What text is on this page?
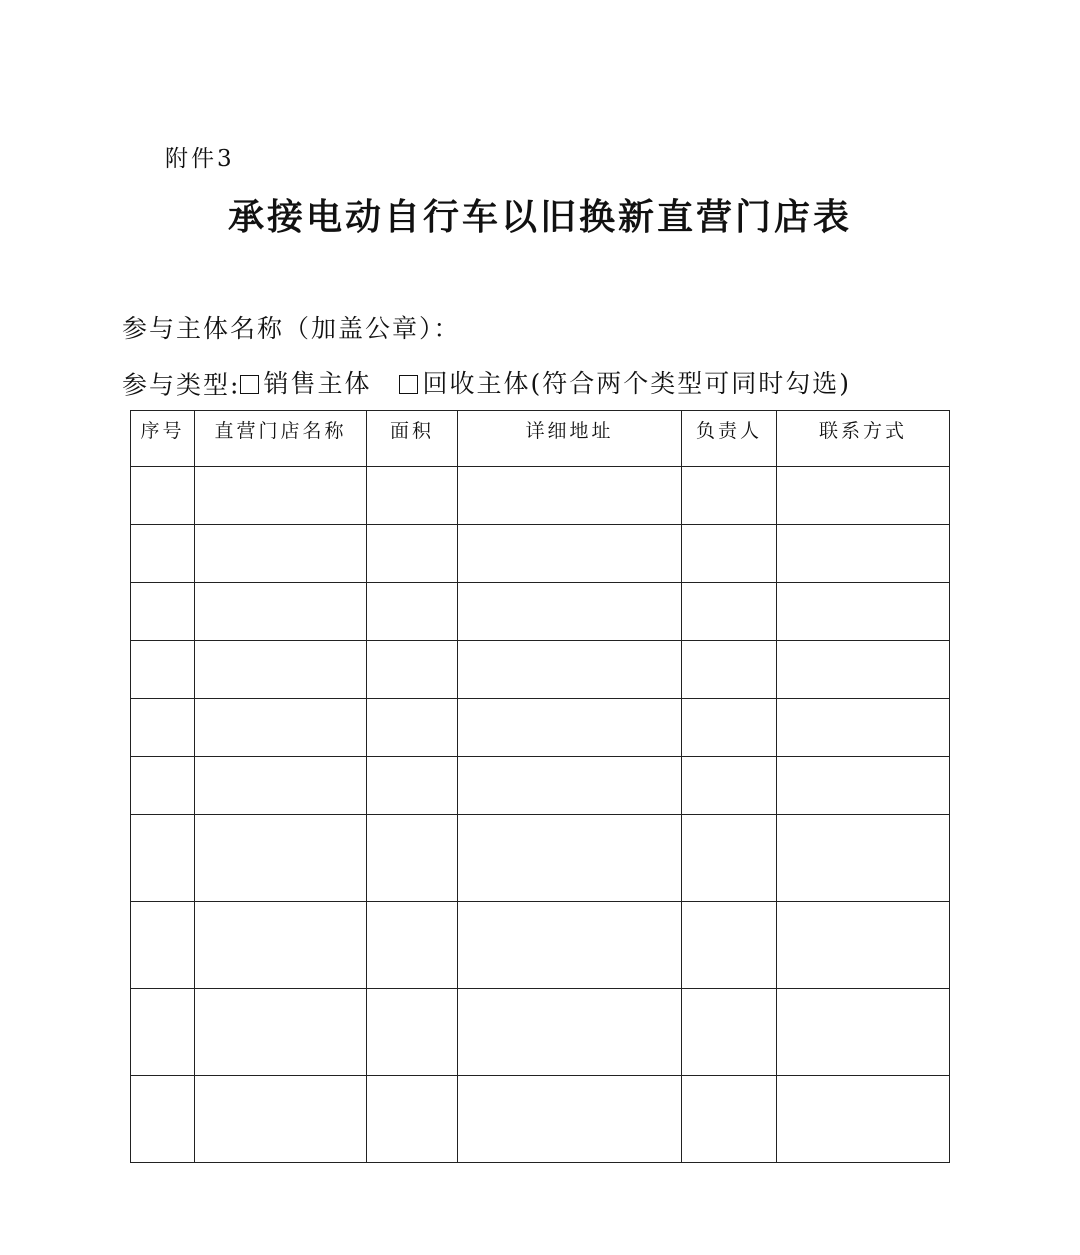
附件3
承接电动自行车以旧换新直营门店表
参与主体名称（加盖公章）：
参与类型: 销售主体 回收主体(符合两个类型可同时勾选)
序号	直营门店名称	面积	详细地址	负责人	联系方式
